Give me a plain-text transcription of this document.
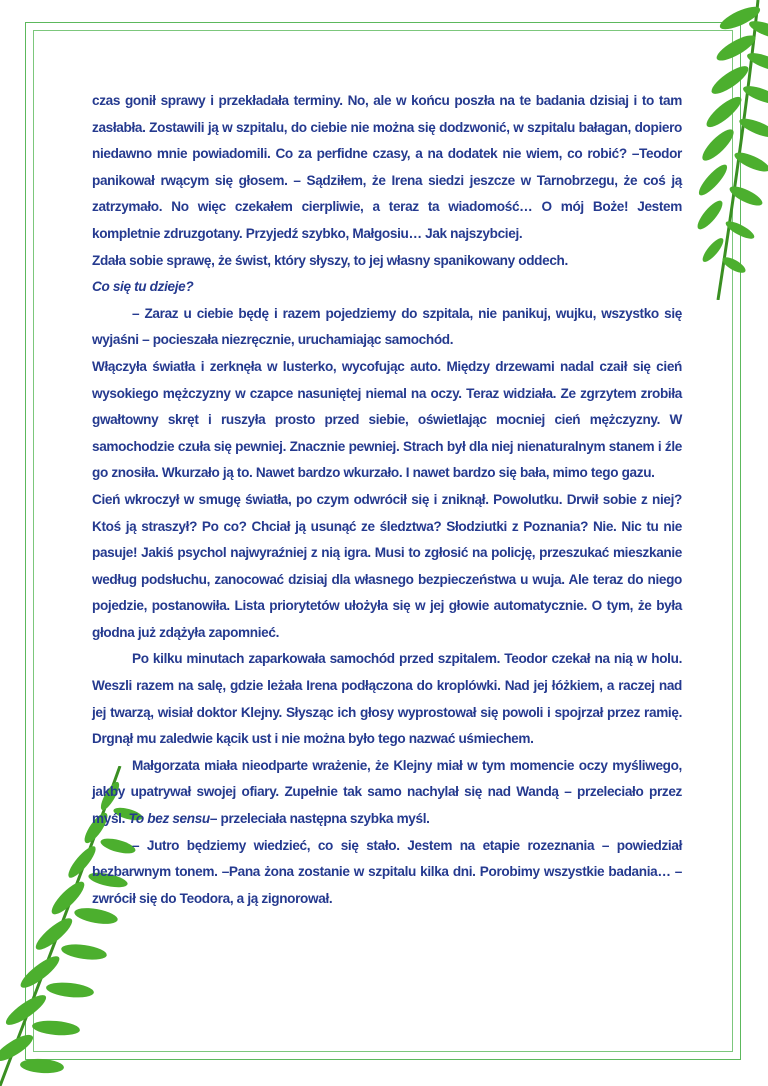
czas gonił sprawy i przekładała terminy. No, ale w końcu poszła na te badania dzisiaj i to tam zasłabła. Zostawili ją w szpitalu, do ciebie nie można się dodzwonić, w szpitalu bałagan, dopiero niedawno mnie powiadomili. Co za perfidne czasy, a na dodatek nie wiem, co robić? –Teodor panikował rwącym się głosem. – Sądziłem, że Irena siedzi jeszcze w Tarnobrzegu, że coś ją zatrzymało. No więc czekałem cierpliwie, a teraz ta wiadomość… O mój Boże! Jestem kompletnie zdruzgotany. Przyjedź szybko, Małgosiu… Jak najszybciej.

Zdała sobie sprawę, że świst, który słyszy, to jej własny spanikowany oddech.

Co się tu dzieje?

– Zaraz u ciebie będę i razem pojedziemy do szpitala, nie panikuj, wujku, wszystko się wyjaśni – pocieszała niezręcznie, uruchamiając samochód.

Włączyła światła i zerknęła w lusterko, wycofując auto. Między drzewami nadal czaił się cień wysokiego mężczyzny w czapce nasuniętej niemal na oczy. Teraz widziała. Ze zgrzytem zrobiła gwałtowny skręt i ruszyła prosto przed siebie, oświetlając mocniej cień mężczyzny. W samochodzie czuła się pewniej. Znacznie pewniej. Strach był dla niej nienaturalnym stanem i źle go znosiła. Wkurzało ją to. Nawet bardzo wkurzało. I nawet bardzo się bała, mimo tego gazu.

Cień wkroczył w smugę światła, po czym odwrócił się i zniknął. Powolutku. Drwił sobie z niej? Ktoś ją straszył? Po co? Chciał ją usunąć ze śledztwa? Słodziutki z Poznania? Nie. Nic tu nie pasuje! Jakiś psychol najwyraźniej z nią igra. Musi to zgłosić na policję, przeszukać mieszkanie według podsłuchu, zanocować dzisiaj dla własnego bezpieczeństwa u wuja. Ale teraz do niego pojedzie, postanowiła. Lista priorytetów ułożyła się w jej głowie automatycznie. O tym, że była głodna już zdążyła zapomnieć.

Po kilku minutach zaparkowała samochód przed szpitalem. Teodor czekał na nią w holu. Weszli razem na salę, gdzie leżała Irena podłączona do kroplówki. Nad jej łóżkiem, a raczej nad jej twarzą, wisiał doktor Klejny. Słysząc ich głosy wyprostował się powoli i spojrzał przez ramię. Drgnął mu zaledwie kącik ust i nie można było tego nazwać uśmiechem.

Małgorzata miała nieodparte wrażenie, że Klejny miał w tym momencie oczy myśliwego, jakby upatrywał swojej ofiary. Zupełnie tak samo nachylał się nad Wandą – przeleciało przez myśl. To bez sensu– przeleciała następna szybka myśl.

– Jutro będziemy wiedzieć, co się stało. Jestem na etapie rozeznania – powiedział bezbarwnym tonem. –Pana żona zostanie w szpitalu kilka dni. Porobimy wszystkie badania… – zwrócił się do Teodora, a ją zignorował.
